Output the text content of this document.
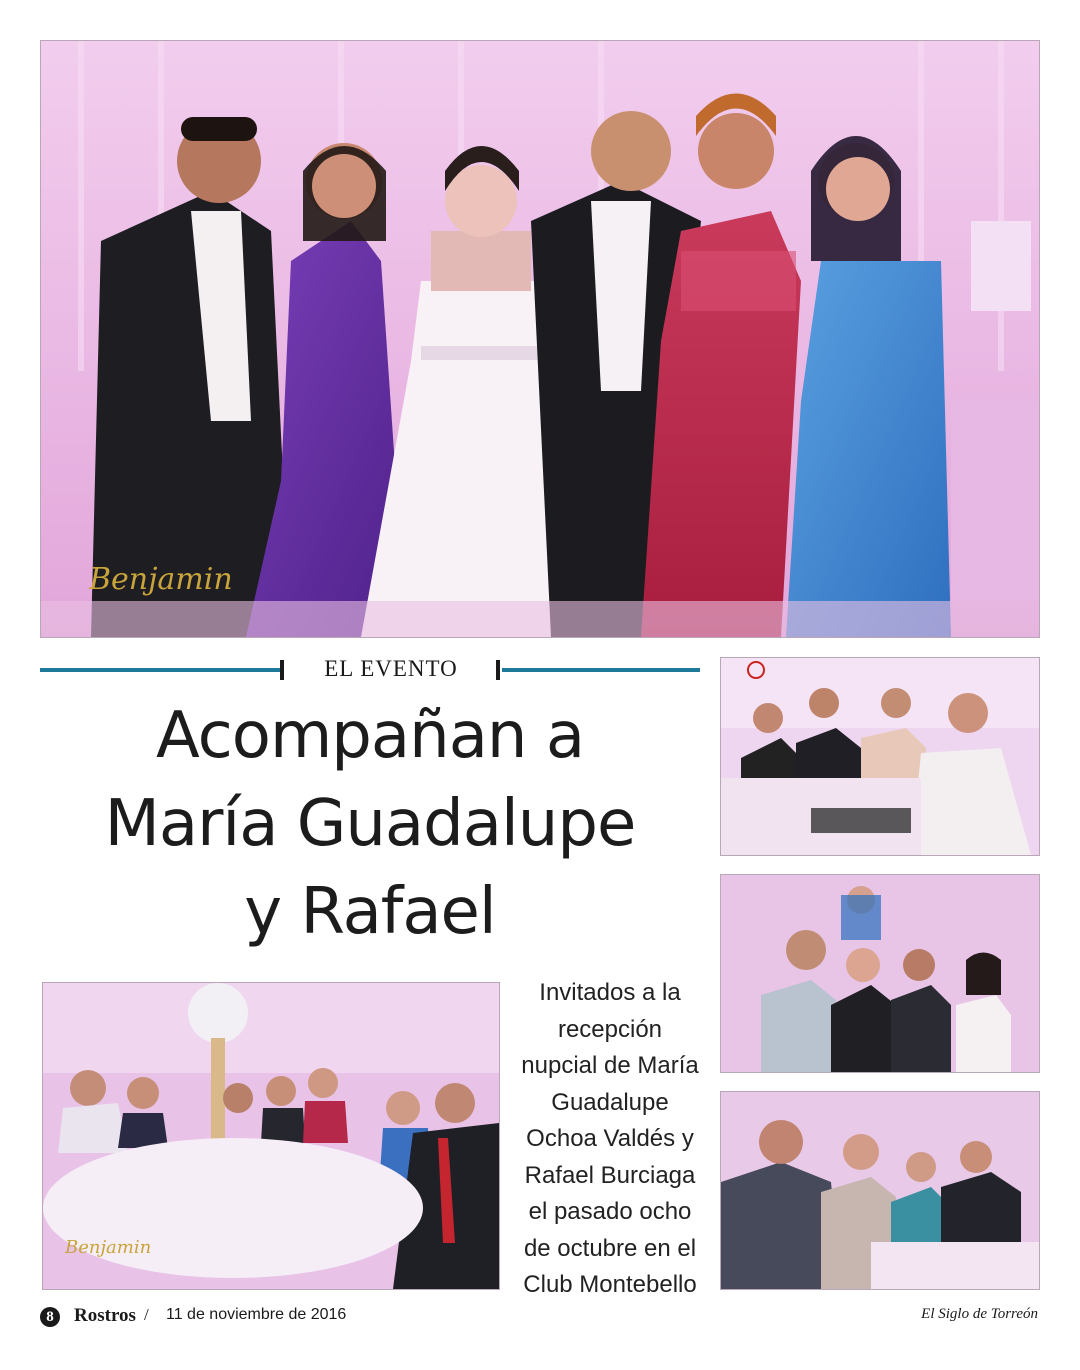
Benjamin
Benjamin
EL EVENTO
Acompañan a
María Guadalupe
y Rafael
Invitados a la
recepción
nupcial de María
Guadalupe
Ochoa Valdés y
Rafael Burciaga
el pasado ocho
de octubre en el
Club Montebello
8	Rostros / 11 de noviembre de 2016	El Siglo de Torreón
